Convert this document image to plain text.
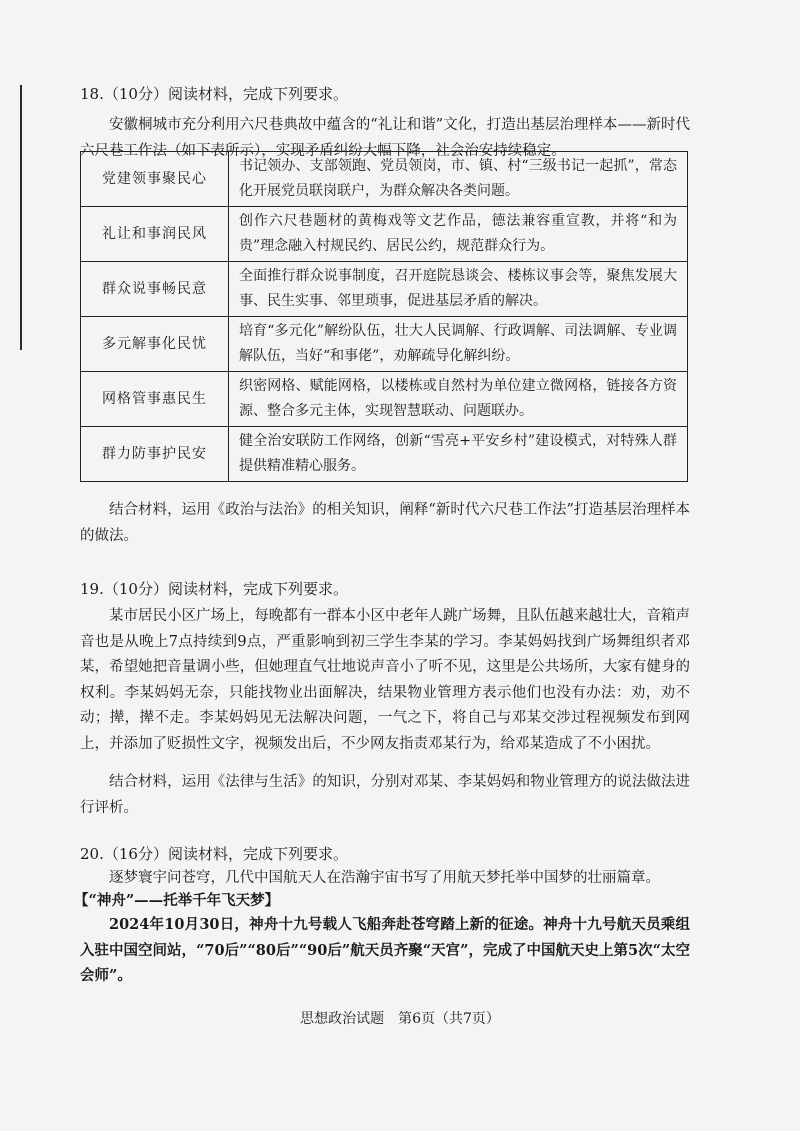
18.（10分）阅读材料，完成下列要求。

安徽桐城市充分利用六尺巷典故中蕴含的“礼让和谐”文化，打造出基层治理样本——新时代六尺巷工作法（如下表所示），实现矛盾纠纷大幅下降，社会治安持续稳定。

党建领事聚民心	书记领办、支部领跑、党员领岗，市、镇、村“三级书记一起抓”，常态化开展党员联岗联户，为群众解决各类问题。
礼让和事润民风	创作六尺巷题材的黄梅戏等文艺作品，德法兼容重宣教，并将“和为贵”理念融入村规民约、居民公约，规范群众行为。
群众说事畅民意	全面推行群众说事制度，召开庭院恳谈会、楼栋议事会等，聚焦发展大事、民生实事、邻里琐事，促进基层矛盾的解决。
多元解事化民忧	培育“多元化”解纷队伍，壮大人民调解、行政调解、司法调解、专业调解队伍，当好“和事佬”，劝解疏导化解纠纷。
网格管事惠民生	织密网格、赋能网格，以楼栋或自然村为单位建立微网格，链接各方资源、整合多元主体，实现智慧联动、问题联办。
群力防事护民安	健全治安联防工作网络，创新“雪亮+平安乡村”建设模式，对特殊人群提供精准精心服务。

结合材料，运用《政治与法治》的相关知识，阐释“新时代六尺巷工作法”打造基层治理样本的做法。

19.（10分）阅读材料，完成下列要求。

某市居民小区广场上，每晚都有一群本小区中老年人跳广场舞，且队伍越来越壮大，音箱声音也是从晚上7点持续到9点，严重影响到初三学生李某的学习。李某妈妈找到广场舞组织者邓某，希望她把音量调小些，但她理直气壮地说声音小了听不见，这里是公共场所，大家有健身的权利。李某妈妈无奈，只能找物业出面解决，结果物业管理方表示他们也没有办法：劝，劝不动；撵，撵不走。李某妈妈见无法解决问题，一气之下，将自己与邓某交涉过程视频发布到网上，并添加了贬损性文字，视频发出后，不少网友指责邓某行为，给邓某造成了不小困扰。

结合材料，运用《法律与生活》的知识，分别对邓某、李某妈妈和物业管理方的说法做法进行评析。

20.（16分）阅读材料，完成下列要求。

逐梦寰宇问苍穹，几代中国航天人在浩瀚宇宙书写了用航天梦托举中国梦的壮丽篇章。

【“神舟”——托举千年飞天梦】

2024年10月30日，神舟十九号载人飞船奔赴苍穹踏上新的征途。神舟十九号航天员乘组入驻中国空间站，“70后”“80后”“90后”航天员齐聚“天宫”，完成了中国航天史上第5次“太空会师”。

思想政治试题　第6页（共7页）
